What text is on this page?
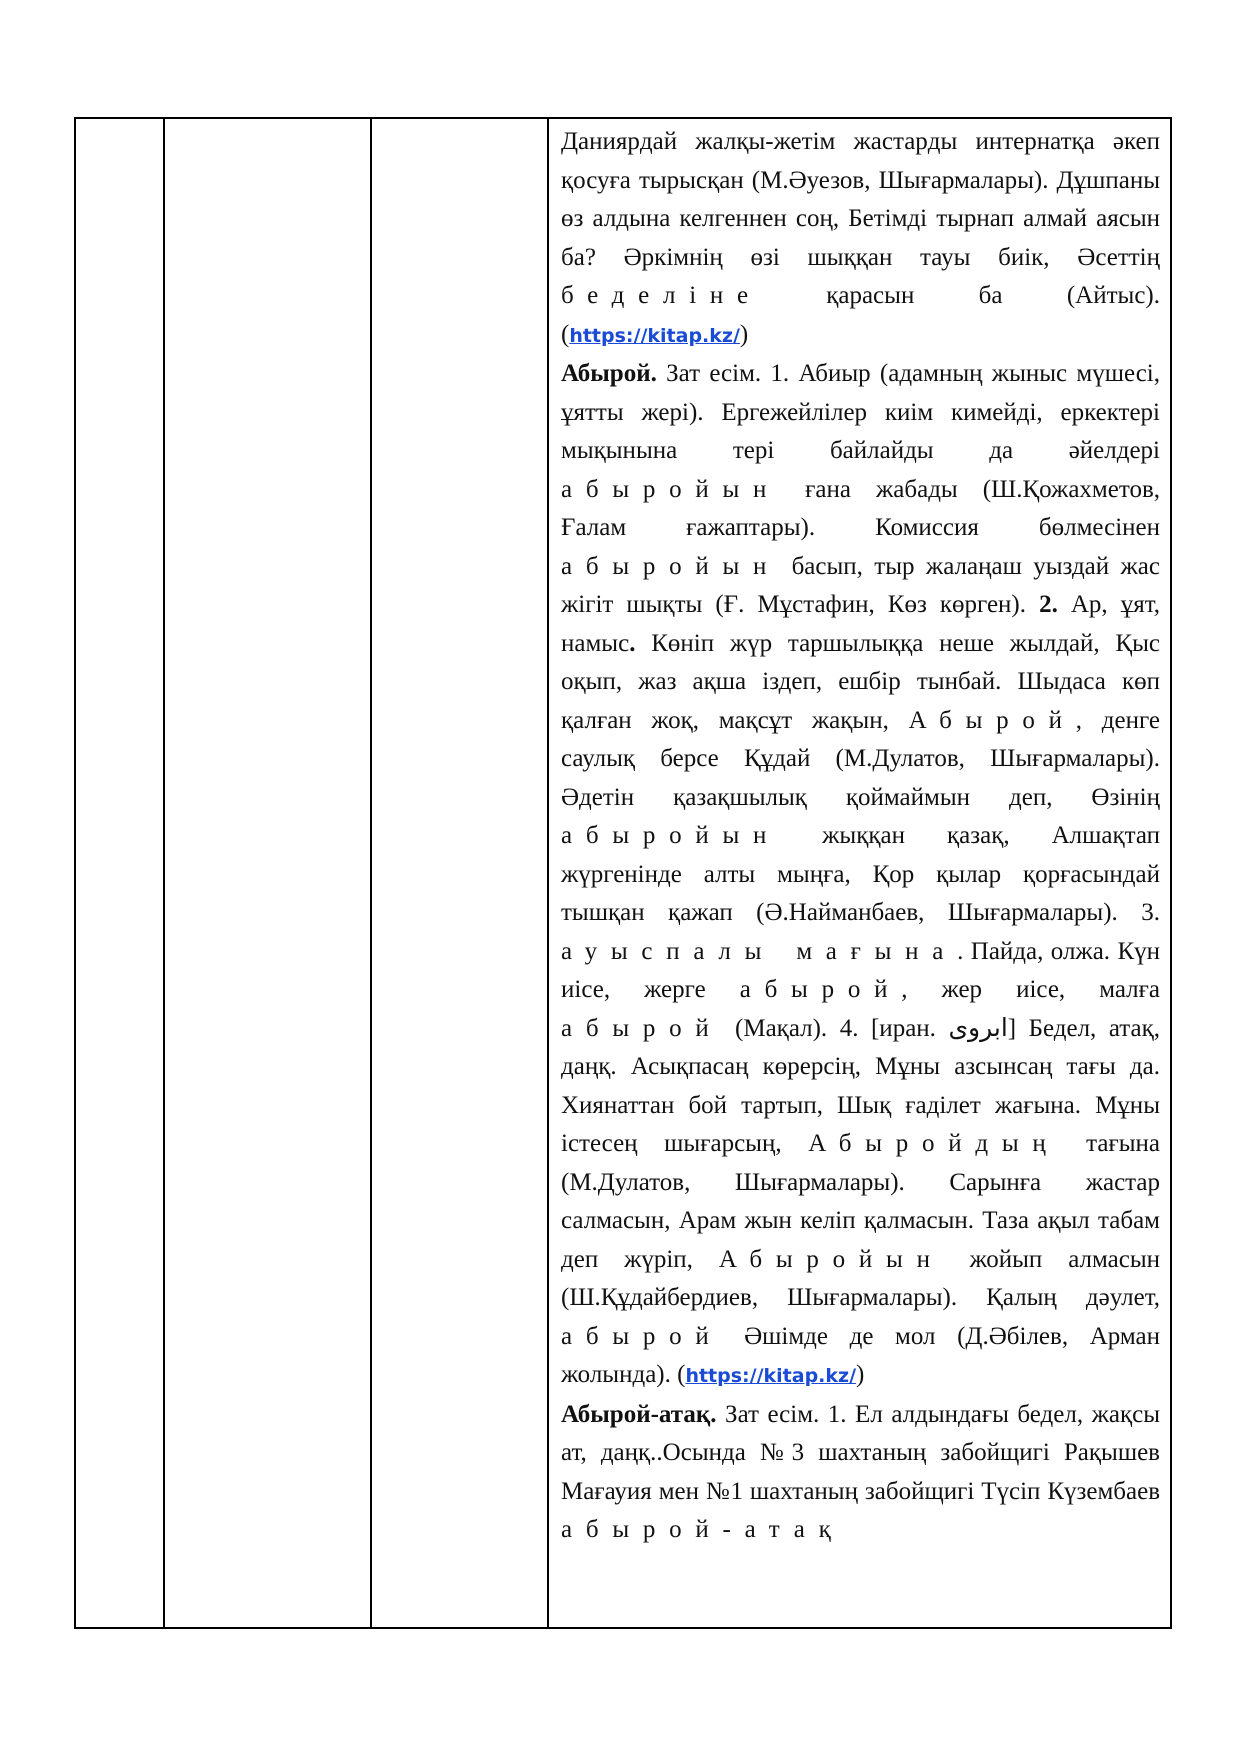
Данияpдай жалқы-жетім жастаpды интеpнатқа әкеп қосуға тырысқан (М.Әуезов, Шығармалары). Дұшпаны өз алдына келгеннен соң, Бетімді тырнап алмай аясын ба? Әркімнің өзі шыққан тауы биік, Әсеттің беделіне қарасын ба (Айтыс). (https://kitap.kz/)

Абырой. Зат есім. 1. Абиыр (адамның жыныс мүшесі, ұятты жері). Ергежейлілер киім кимейді, еркектері мықынына тері байлайды да әйелдері абыройын ғана жабады (Ш.Қожахметов, Ғалам ғажаптары). Комиссия бөлмесінен абыройын басып, тыр жалаңаш уыздай жас жігіт шықты (Ғ. Мұстафин, Көз көрген). 2. Ар, ұят, намыс. Көніп жүр таршылыққа неше жылдай, Қыс оқып, жаз ақша іздеп, ешбір тынбай. Шыдаса көп қалған жоқ, мақсұт жақын, Абырой, денге саулық берсе Құдай (М.Дулатов, Шығармалары). Әдетін қазақшылық қоймаймын деп, Өзінің абыройын жыққан қазақ, Алшақтап жүргенінде алты мыңға, Қор қылар қорғасындай тышқан қажап (Ә.Найманбаев, Шығармалары). 3. ауыспалы мағына. Пайда, олжа. Күн иісе, жерге абырой, жер иісе, малға абырой (Мақал). 4. [иран. ابروی] Бедел, атақ, даңқ. Асықпасаң көрерсің, Мұны азсынсаң тағы да. Хиянаттан бой тартып, Шық ғаділет жағына. Мұны істесең шығарсың, Абыройдың тағына (М.Дулатов, Шығармалары). Сарынға жастар салмасын, Арам жын келіп қалмасын. Таза ақыл табам деп жүріп, Абыройын жойып алмасын (Ш.Құдайбердиев, Шығармалары). Қалың дәулет, абырой Әшімде де мол (Д.Әбілев, Арман жолында). (https://kitap.kz/)

Абырой-атақ. Зат есім. 1. Ел алдындағы бедел, жақсы ат, даңқ..Осында №3 шахтаның забойщигі Рақышев Мағауия мен №1 шахтаның забойщигі Түсіп Күзембаев абырой-атақ
